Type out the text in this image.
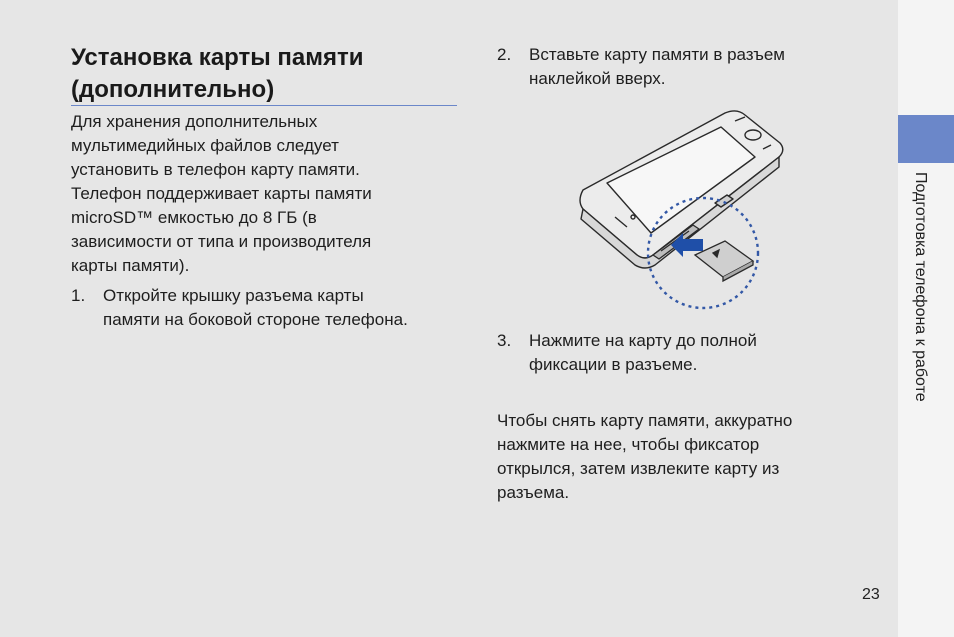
Подготовка телефона к работе
Установка карты памяти
(дополнительно)

Для хранения дополнительных
мультимедийных файлов следует
установить в телефон карту памяти.
Телефон поддерживает карты памяти
microSD™ емкостью до 8 ГБ (в
зависимости от типа и производителя
карты памяти).

1. Откройте крышку разъема карты
памяти на боковой стороне телефона.
2. Вставьте карту памяти в разъем
наклейкой вверх.
3. Нажмите на карту до полной
фиксации в разъеме.

Чтобы снять карту памяти, аккуратно
нажмите на нее, чтобы фиксатор
открылся, затем извлеките карту из
разъема.

23
